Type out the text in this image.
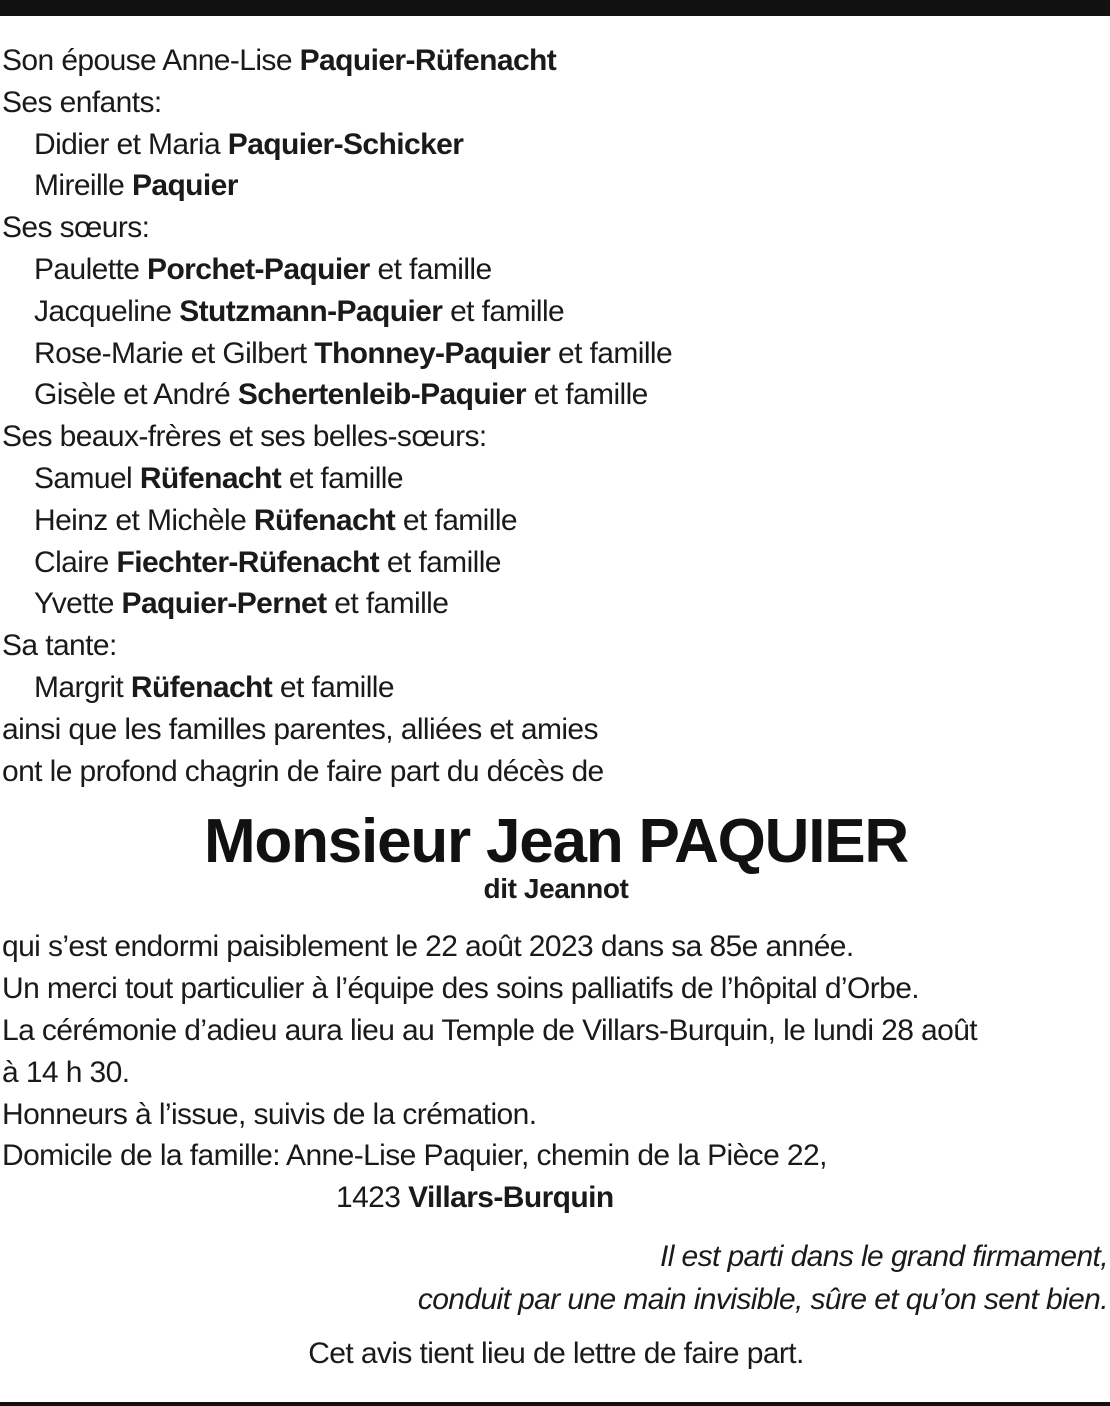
Son épouse Anne-Lise Paquier-Rüfenacht
Ses enfants:
Didier et Maria Paquier-Schicker
Mireille Paquier
Ses sœurs:
Paulette Porchet-Paquier et famille
Jacqueline Stutzmann-Paquier et famille
Rose-Marie et Gilbert Thonney-Paquier et famille
Gisèle et André Schertenleib-Paquier et famille
Ses beaux-frères et ses belles-sœurs:
Samuel Rüfenacht et famille
Heinz et Michèle Rüfenacht et famille
Claire Fiechter-Rüfenacht et famille
Yvette Paquier-Pernet et famille
Sa tante:
Margrit Rüfenacht et famille
ainsi que les familles parentes, alliées et amies
ont le profond chagrin de faire part du décès de
Monsieur Jean PAQUIER
dit Jeannot
qui s’est endormi paisiblement le 22 août 2023 dans sa 85e année.
Un merci tout particulier à l’équipe des soins palliatifs de l’hôpital d’Orbe.
La cérémonie d’adieu aura lieu au Temple de Villars-Burquin, le lundi 28 août
à 14 h 30.
Honneurs à l’issue, suivis de la crémation.
Domicile de la famille: Anne-Lise Paquier, chemin de la Pièce 22,
1423 Villars-Burquin
Il est parti dans le grand firmament,
conduit par une main invisible, sûre et qu’on sent bien.
Cet avis tient lieu de lettre de faire part.
